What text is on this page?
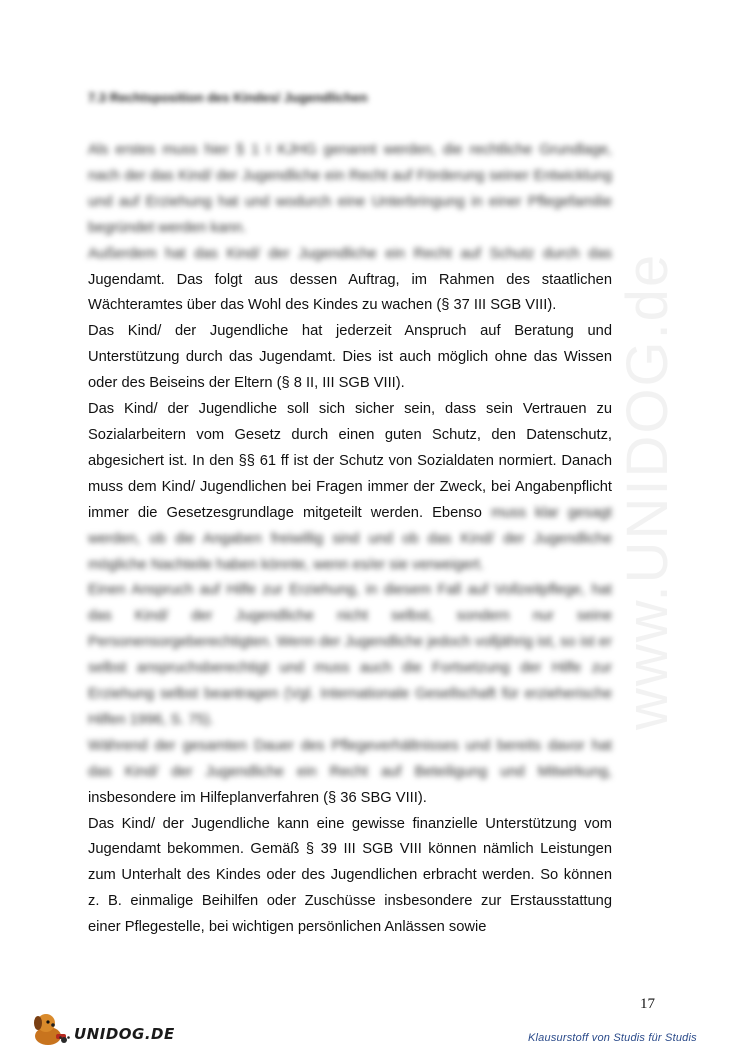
www.UNIDOG.de
7.3 Rechtsposition des Kindes/ Jugendlichen

Als erstes muss hier § 1 I KJHG genannt werden, die rechtliche Grundlage, nach der das Kind/ der Jugendliche ein Recht auf Förderung seiner Entwicklung und auf Erziehung hat und wodurch eine Unterbringung in einer Pflegefamilie begründet werden kann.

Außerdem hat das Kind/ der Jugendliche ein Recht auf Schutz durch das Jugendamt. Das folgt aus dessen Auftrag, im Rahmen des staatlichen Wächteramtes über das Wohl des Kindes zu wachen (§ 37 III SGB VIII).

Das Kind/ der Jugendliche hat jederzeit Anspruch auf Beratung und Unterstützung durch das Jugendamt. Dies ist auch möglich ohne das Wissen oder des Beiseins der Eltern (§ 8 II, III SGB VIII).

Das Kind/ der Jugendliche soll sich sicher sein, dass sein Vertrauen zu Sozialarbeitern vom Gesetz durch einen guten Schutz, den Datenschutz, abgesichert ist. In den §§ 61 ff ist der Schutz von Sozialdaten normiert. Danach muss dem Kind/ Jugendlichen bei Fragen immer der Zweck, bei Angabenpflicht immer die Gesetzesgrundlage mitgeteilt werden. Ebenso muss klar gesagt werden, ob die Angaben freiwillig sind und ob das Kind/ der Jugendliche mögliche Nachteile haben könnte, wenn es/er sie verweigert.

Einen Anspruch auf Hilfe zur Erziehung, in diesem Fall auf Vollzeitpflege, hat das Kind/ der Jugendliche nicht selbst, sondern nur seine Personensorgeberechtigten. Wenn der Jugendliche jedoch volljährig ist, so ist er selbst anspruchsberechtigt und muss auch die Fortsetzung der Hilfe zur Erziehung selbst beantragen (Vgl. Internationale Gesellschaft für erzieherische Hilfen 1996, S. 75).

Während der gesamten Dauer des Pflegeverhältnisses und bereits davor hat das Kind/ der Jugendliche ein Recht auf Beteiligung und Mitwirkung, insbesondere im Hilfeplanverfahren (§ 36 SBG VIII).

Das Kind/ der Jugendliche kann eine gewisse finanzielle Unterstützung vom Jugendamt bekommen. Gemäß § 39 III SGB VIII können nämlich Leistungen zum Unterhalt des Kindes oder des Jugendlichen erbracht werden. So können z. B. einmalige Beihilfen oder Zuschüsse insbesondere zur Erstausstattung einer Pflegestelle, bei wichtigen persönlichen Anlässen sowie

17
UNIDOG.DE	Klausurstoff von Studis für Studis
